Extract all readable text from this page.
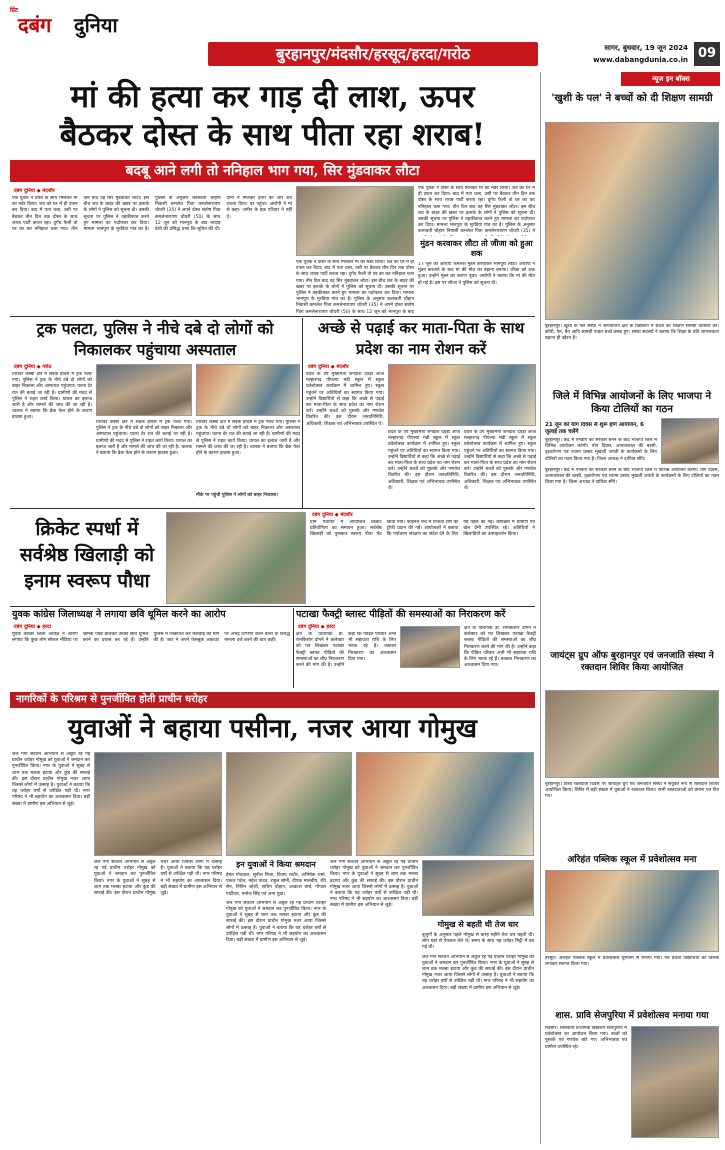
प्रिंट
दबंग दुनिया
बुरहानपुर/मंदसौर/हरसूद/हरदा/गरोठ	सागर, बुधवार, 19 जून 2024
www.dabangdunia.co.in 09
मां की हत्या कर गाड़ दी लाश, ऊपर
बैठकर दोस्त के साथ पीता रहा शराब!
बदबू आने लगी तो ननिहाल भाग गया, सिर मुंडवाकर लौटा
दबंग दुनिया ◆ मंदसौर
एक युवक ने दोस्त के साथ मिलकर मां का मर्डर किया। शव को घर में ही दफन कर दिया। बाद में पता चला, उसी पर बैठकर तीन दिन तक दोस्त के साथ शराब पार्टी करता रहा। दुर्गंध फैली तो घर का कर ननिहाल चला गया। तीन दिन बाद वह सिर मुंडवाकर लौटा। इस बीच शव के बाहर की खबर पर इलाके के लोगों ने पुलिस को सूचना दी। उसकी सूचना पर पुलिस ने तहकीकात करने हुए मामला का पर्दाफाश कर दिया। मामला भानपुरा के मुरडिया गांव का है। पुलिस के अनुसार कलावती चौहान निवासी कमलेश पिता कमलेनारायण चौधरी (35) ने अपने दोस्त संतोष पिता कमलेनारायण चौधरी (50) के साथ 12 जून को भानपुरा के बाद भादाड़ देशी की प्रसिद्ध थाना कि सूचित की थी। दोनों ने मिलकर हत्या की और शव दफना दिया। घर पहुंचा। आरोपी ने मां से कहा- जमीन के हक़ परिवार ने नहीं दे।
एक युवक ने दोस्त के साथ मिलकर मां का मर्डर किया। शव को घर में ही दफन कर दिया। बाद में पता चला, उसी पर बैठकर तीन दिन तक दोस्त के साथ शराब पार्टी करता रहा। दुर्गंध फैली तो घर का कर ननिहाल चला गया। तीन दिन बाद वह सिर मुंडवाकर लौटा। इस बीच शव के बाहर की खबर पर इलाके के लोगों ने पुलिस को सूचना दी। उसकी सूचना पर पुलिस ने तहकीकात करने हुए मामला का पर्दाफाश कर दिया। मामला भानपुरा के मुरडिया गांव का है। पुलिस के अनुसार कलावती चौहान निवासी कमलेश पिता कमलेनारायण चौधरी (35) ने अपने दोस्त संतोष पिता कमलेनारायण चौधरी (50) के साथ 12 जून को भानपुरा के बाद
एक युवक ने दोस्त के साथ मिलकर मां का मर्डर किया। शव को घर में ही दफन कर दिया। बाद में पता चला, उसी पर बैठकर तीन दिन तक दोस्त के साथ शराब पार्टी करता रहा। दुर्गंध फैली तो घर का कर ननिहाल चला गया। तीन दिन बाद वह सिर मुंडवाकर लौटा। इस बीच शव के बाहर की खबर पर इलाके के लोगों ने पुलिस को सूचना दी। उसकी सूचना पर पुलिस ने तहकीकात करने हुए मामला का पर्दाफाश कर दिया। मामला भानपुरा के मुरडिया गांव का है। पुलिस के अनुसार कलावती चौहान निवासी कमलेश पिता कमलेनारायण चौधरी (35) ने
मुंडन करवाकर लौटा तो जीजा को हुआ शक
17 जून को आरोपी कमलेश मुंडन करवाकर भानपुरा लौटा। आरोपी ने मुंडन करवाने के बाद मां की मौत का बहाना बनाया। जीजा को शक हुआ। उन्होंने मुंडन का कारण पूछा। आरोपी ने बताया कि मां की मौत हो गई है। इस पर जीजा ने पुलिस को सूचना दी।
ट्रक पलटा, पुलिस ने नीचे दबे दो लोगों को निकालकर पहुंचाया अस्पताल
दबंग दुनिया ◆ गरोठ
तिरावर कस्बा क्षेत्र में सड़क हादसे में ट्रक पलट गया। पुलिस ने ट्रक के नीचे दबे दो लोगों को बाहर निकाला और अस्पताल पहुंचाया। घटना देर रात की बताई जा रही है। ग्रामीणों की मदद से पुलिस ने राहत कार्य किया। घायल का इलाज जारी है और मामले की जांच की जा रही है। चालक ने बताया कि ब्रेक फेल होने के कारण हादसा हुआ।
तिरावर कस्बा क्षेत्र में सड़क हादसे में ट्रक पलट गया। पुलिस ने ट्रक के नीचे दबे दो लोगों को बाहर निकाला और अस्पताल पहुंचाया। घटना देर रात की बताई जा रही है। ग्रामीणों की मदद से पुलिस ने राहत कार्य किया। घायल का इलाज जारी है और मामले की जांच की जा रही है। चालक ने बताया कि ब्रेक फेल होने के कारण हादसा हुआ।
तिरावर कस्बा क्षेत्र में सड़क हादसे में ट्रक पलट गया। पुलिस ने ट्रक के नीचे दबे दो लोगों को बाहर निकाला और अस्पताल पहुंचाया। घटना देर रात की बताई जा रही है। ग्रामीणों की मदद से पुलिस ने राहत कार्य किया। घायल का इलाज जारी है और मामले की जांच की जा रही है। चालक ने बताया कि ब्रेक फेल होने के कारण हादसा हुआ।
मौके पर पहुंची पुलिस ने लोगों को बाहर निकाला।
अच्छे से पढ़ाई कर माता-पिता के साथ प्रदेश का नाम रोशन करें
दबंग दुनिया ◆ मंदसौर
प्रदेश के उप मुख्यमंत्री जगदीश देवड़ा आज मल्हारगढ़ पीपल्या मंडी स्कूल में स्कूल प्रवेशोत्सव कार्यक्रम में शामिल हुए। स्कूल पहुंचने पर अतिथियों का स्वागत किया गया। उन्होंने विद्यार्थियों से कहा कि अच्छे से पढ़ाई कर माता-पिता के साथ प्रदेश का नाम रोशन करें। उन्होंने बच्चों को पुस्तकें और गणवेश वितरित की। इस दौरान जनप्रतिनिधि, अधिकारी, शिक्षक एवं अभिभावक उपस्थित थे।
प्रदेश के उप मुख्यमंत्री जगदीश देवड़ा आज मल्हारगढ़ पीपल्या मंडी स्कूल में स्कूल प्रवेशोत्सव कार्यक्रम में शामिल हुए। स्कूल पहुंचने पर अतिथियों का स्वागत किया गया। उन्होंने विद्यार्थियों से कहा कि अच्छे से पढ़ाई कर माता-पिता के साथ प्रदेश का नाम रोशन करें। उन्होंने बच्चों को पुस्तकें और गणवेश वितरित की। इस दौरान जनप्रतिनिधि, अधिकारी, शिक्षक एवं अभिभावक उपस्थित थे।
प्रदेश के उप मुख्यमंत्री जगदीश देवड़ा आज मल्हारगढ़ पीपल्या मंडी स्कूल में स्कूल प्रवेशोत्सव कार्यक्रम में शामिल हुए। स्कूल पहुंचने पर अतिथियों का स्वागत किया गया। उन्होंने विद्यार्थियों से कहा कि अच्छे से पढ़ाई कर माता-पिता के साथ प्रदेश का नाम रोशन करें। उन्होंने बच्चों को पुस्तकें और गणवेश वितरित की। इस दौरान जनप्रतिनिधि, अधिकारी, शिक्षक एवं अभिभावक उपस्थित थे।
क्रिकेट स्पर्धा में सर्वश्रेष्ठ खिलाड़ी को इनाम स्वरूप पौधा
दबंग दुनिया ◆ मंदसौर
ग्राम पंचायत में आयोजित क्रिकेट प्रतियोगिता का समापन हुआ। सर्वश्रेष्ठ खिलाड़ी को पुरस्कार स्वरूप पौधा भेंट किया गया। फाइनल मैच में विजेता टीम को ट्रॉफी प्रदान की गई। आयोजकों ने बताया कि पर्यावरण संरक्षण का संदेश देने के लिए यह पहल की गई। कार्यक्रम में ग्रामीण एवं खेल प्रेमी उपस्थित रहे। अतिथियों ने खिलाड़ियों का उत्साहवर्धन किया।
युवक कांग्रेस जिलाध्यक्ष ने लगाया छवि धूमिल करने का आरोप
दबंग दुनिया ◆ हरदा
युवक कांग्रेस जिला अध्यक्ष ने आरोप लगाया कि कुछ लोग सोशल मीडिया पर भ्रामक पोस्ट डालकर उनकी छवि धूमिल करने का प्रयास कर रहे हैं। उन्होंने पुलिस में शिकायत कर कार्रवाई की मांग की है। जाट ने अपने फेसबुक अकाउंट पर अभद्र टिप्पणी करने वालों के विरुद्ध मामला दर्ज करने की बात कही।
पटाखा फैक्ट्री ब्लास्ट पीड़ितों की समस्याओं का निराकरण करें
दबंग दुनिया ◆ हरदा
क्षेत्र के विधायक डॉ. रामकिशोर दोगने ने कलेक्टर को पत्र लिखकर पटाखा फैक्ट्री ब्लास्ट पीड़ितों की समस्याओं का शीघ्र निराकरण करने की मांग की है। उन्होंने कहा कि पीड़ित परिवार अभी भी सहायता राशि के लिए भटक रहे हैं। तत्काल निराकरण का आश्वासन दिया गया।
क्षेत्र के विधायक डॉ. रामकिशोर दोगने ने कलेक्टर को पत्र लिखकर पटाखा फैक्ट्री ब्लास्ट पीड़ितों की समस्याओं का शीघ्र निराकरण करने की मांग की है। उन्होंने कहा कि पीड़ित परिवार अभी भी सहायता राशि के लिए भटक रहे हैं। तत्काल निराकरण का आश्वासन दिया गया।
नागरिकों के परिश्रम से पुनर्जीवित होती प्राचीन धरोहर
युवाओं ने बहाया पसीना, नजर आया गोमुख
जल गंगा संवर्धन अभियान से अछूते रह गई प्राचीन धरोहर गोमुख को युवाओं ने श्रमदान कर पुनर्जीवित किया। नगर के युवाओं ने सुबह से शाम तक मलबा हटाया और कुंड की सफाई की। इस दौरान प्राचीन गोमुख नजर आया जिससे लोगों में उत्साह है। युवाओं ने बताया कि यह धरोहर वर्षों से उपेक्षित पड़ी थी। नगर परिषद ने भी सहयोग का आश्वासन दिया। बड़ी संख्या में ग्रामीण इस अभियान से जुड़े।
जल गंगा संवर्धन अभियान से अछूते रह गई प्राचीन धरोहर गोमुख को युवाओं ने श्रमदान कर पुनर्जीवित किया। नगर के युवाओं ने सुबह से शाम तक मलबा हटाया और कुंड की सफाई की। इस दौरान प्राचीन गोमुख नजर आया जिससे लोगों में उत्साह है। युवाओं ने बताया कि यह धरोहर वर्षों से उपेक्षित पड़ी थी। नगर परिषद ने भी सहयोग का आश्वासन दिया। बड़ी संख्या में ग्रामीण इस अभियान से जुड़े।
इन युवाओं ने किया श्रमदान
हेमंत गोठवाल, सुनील मिश्रा, विजय राठौर, अभिषेक शर्मा, पंकज पटेल, महेश यादव, राहुल सोनी, दीपक मालवीय, रवि सेन, नितिन जोशी, सचिन चौहान, आकाश वर्मा, गोपाल पाटीदार, मनोज सिंह एवं अन्य युवा।
जल गंगा संवर्धन अभियान से अछूते रह गई प्राचीन धरोहर गोमुख को युवाओं ने श्रमदान कर पुनर्जीवित किया। नगर के युवाओं ने सुबह से शाम तक मलबा हटाया और कुंड की सफाई की। इस दौरान प्राचीन गोमुख नजर आया जिससे लोगों में उत्साह है। युवाओं ने बताया कि यह धरोहर वर्षों से उपेक्षित पड़ी थी। नगर परिषद ने भी सहयोग का आश्वासन दिया। बड़ी संख्या में ग्रामीण इस अभियान से जुड़े।
जल गंगा संवर्धन अभियान से अछूते रह गई प्राचीन धरोहर गोमुख को युवाओं ने श्रमदान कर पुनर्जीवित किया। नगर के युवाओं ने सुबह से शाम तक मलबा हटाया और कुंड की सफाई की। इस दौरान प्राचीन गोमुख नजर आया जिससे लोगों में उत्साह है। युवाओं ने बताया कि यह धरोहर वर्षों से उपेक्षित पड़ी थी। नगर परिषद ने भी सहयोग का आश्वासन दिया। बड़ी संख्या में ग्रामीण इस अभियान से जुड़े।
गोमुख से बहती थी तेज धार
बुजुर्गों के अनुसार पहले गोमुख से बारह महीने तेज धार बहती थी। लोग यहां से पेयजल लेते थे। समय के साथ यह धरोहर मिट्टी में दब गई थी।
जल गंगा संवर्धन अभियान से अछूते रह गई प्राचीन धरोहर गोमुख को युवाओं ने श्रमदान कर पुनर्जीवित किया। नगर के युवाओं ने सुबह से शाम तक मलबा हटाया और कुंड की सफाई की। इस दौरान प्राचीन गोमुख नजर आया जिससे लोगों में उत्साह है। युवाओं ने बताया कि यह धरोहर वर्षों से उपेक्षित पड़ी थी। नगर परिषद ने भी सहयोग का आश्वासन दिया। बड़ी संख्या में ग्रामीण इस अभियान से जुड़े।
न्यूज इन बॉक्स
'खुशी के पल' ने बच्चों को दी शिक्षण सामग्री
बुरहानपुर। खुशी के पल संस्था ने जनजातीय क्षेत्र के विद्यालय में बच्चों को शिक्षण सामग्री वितरित की। कॉपी, पेन, बैग आदि सामग्री पाकर बच्चे प्रसन्न हुए। संस्था सदस्यों ने बताया कि शिक्षा के प्रति जागरूकता बढ़ाना ही उद्देश्य है।
जिले में विभिन्न आयोजनों के लिए भाजपा ने किया टोलियों का गठन
21 जून को योग दिवस से शुरू होंगे आयोजन, 6 जुलाई तक चलेंगे
बुरहानपुर। केंद्र में एनडीए की सरकार बनने के बाद भाजपा जिले में विभिन्न आयोजन करेगी। योग दिवस, आपातकाल की बरसी, वृक्षारोपण एवं श्यामा प्रसाद मुखर्जी जयंती के कार्यक्रमों के लिए टोलियों का गठन किया गया है। जिला अध्यक्ष ने दायित्व सौंपे।
बुरहानपुर। केंद्र में एनडीए की सरकार बनने के बाद भाजपा जिले में विभिन्न आयोजन करेगी। योग दिवस, आपातकाल की बरसी, वृक्षारोपण एवं श्यामा प्रसाद मुखर्जी जयंती के कार्यक्रमों के लिए टोलियों का गठन किया गया है। जिला अध्यक्ष ने दायित्व सौंपे।
जायंट्स ग्रुप ऑफ बुरहानपुर एवं जनजाति संस्था ने रक्तदान शिविर किया आयोजित
बुरहानपुर। विश्व रक्तदाता दिवस पर जायंट्स ग्रुप एवं जनजाति संस्था ने संयुक्त रूप से रक्तदान शिविर आयोजित किया। शिविर में बड़ी संख्या में युवाओं ने रक्तदान किया। सभी रक्तदाताओं को प्रमाण पत्र दिए गए।
अरिहंत पब्लिक स्कूल में प्रवेशोत्सव मना
हरसूद। अरिहंत पब्लिक स्कूल में प्रवेशोत्सव धूमधाम से मनाया गया। नव प्रवेशी विद्यार्थियों का तिलक लगाकर स्वागत किया गया।
शास. प्रावि सेजपुरिया में प्रवेशोत्सव मनाया गया
मंदसौर। शासकीय प्राथमिक विद्यालय सेजपुरिया में प्रवेशोत्सव का आयोजन किया गया। बच्चों को पुस्तकें एवं गणवेश बांटे गए। अभिभावक एवं ग्रामीण उपस्थित रहे।
